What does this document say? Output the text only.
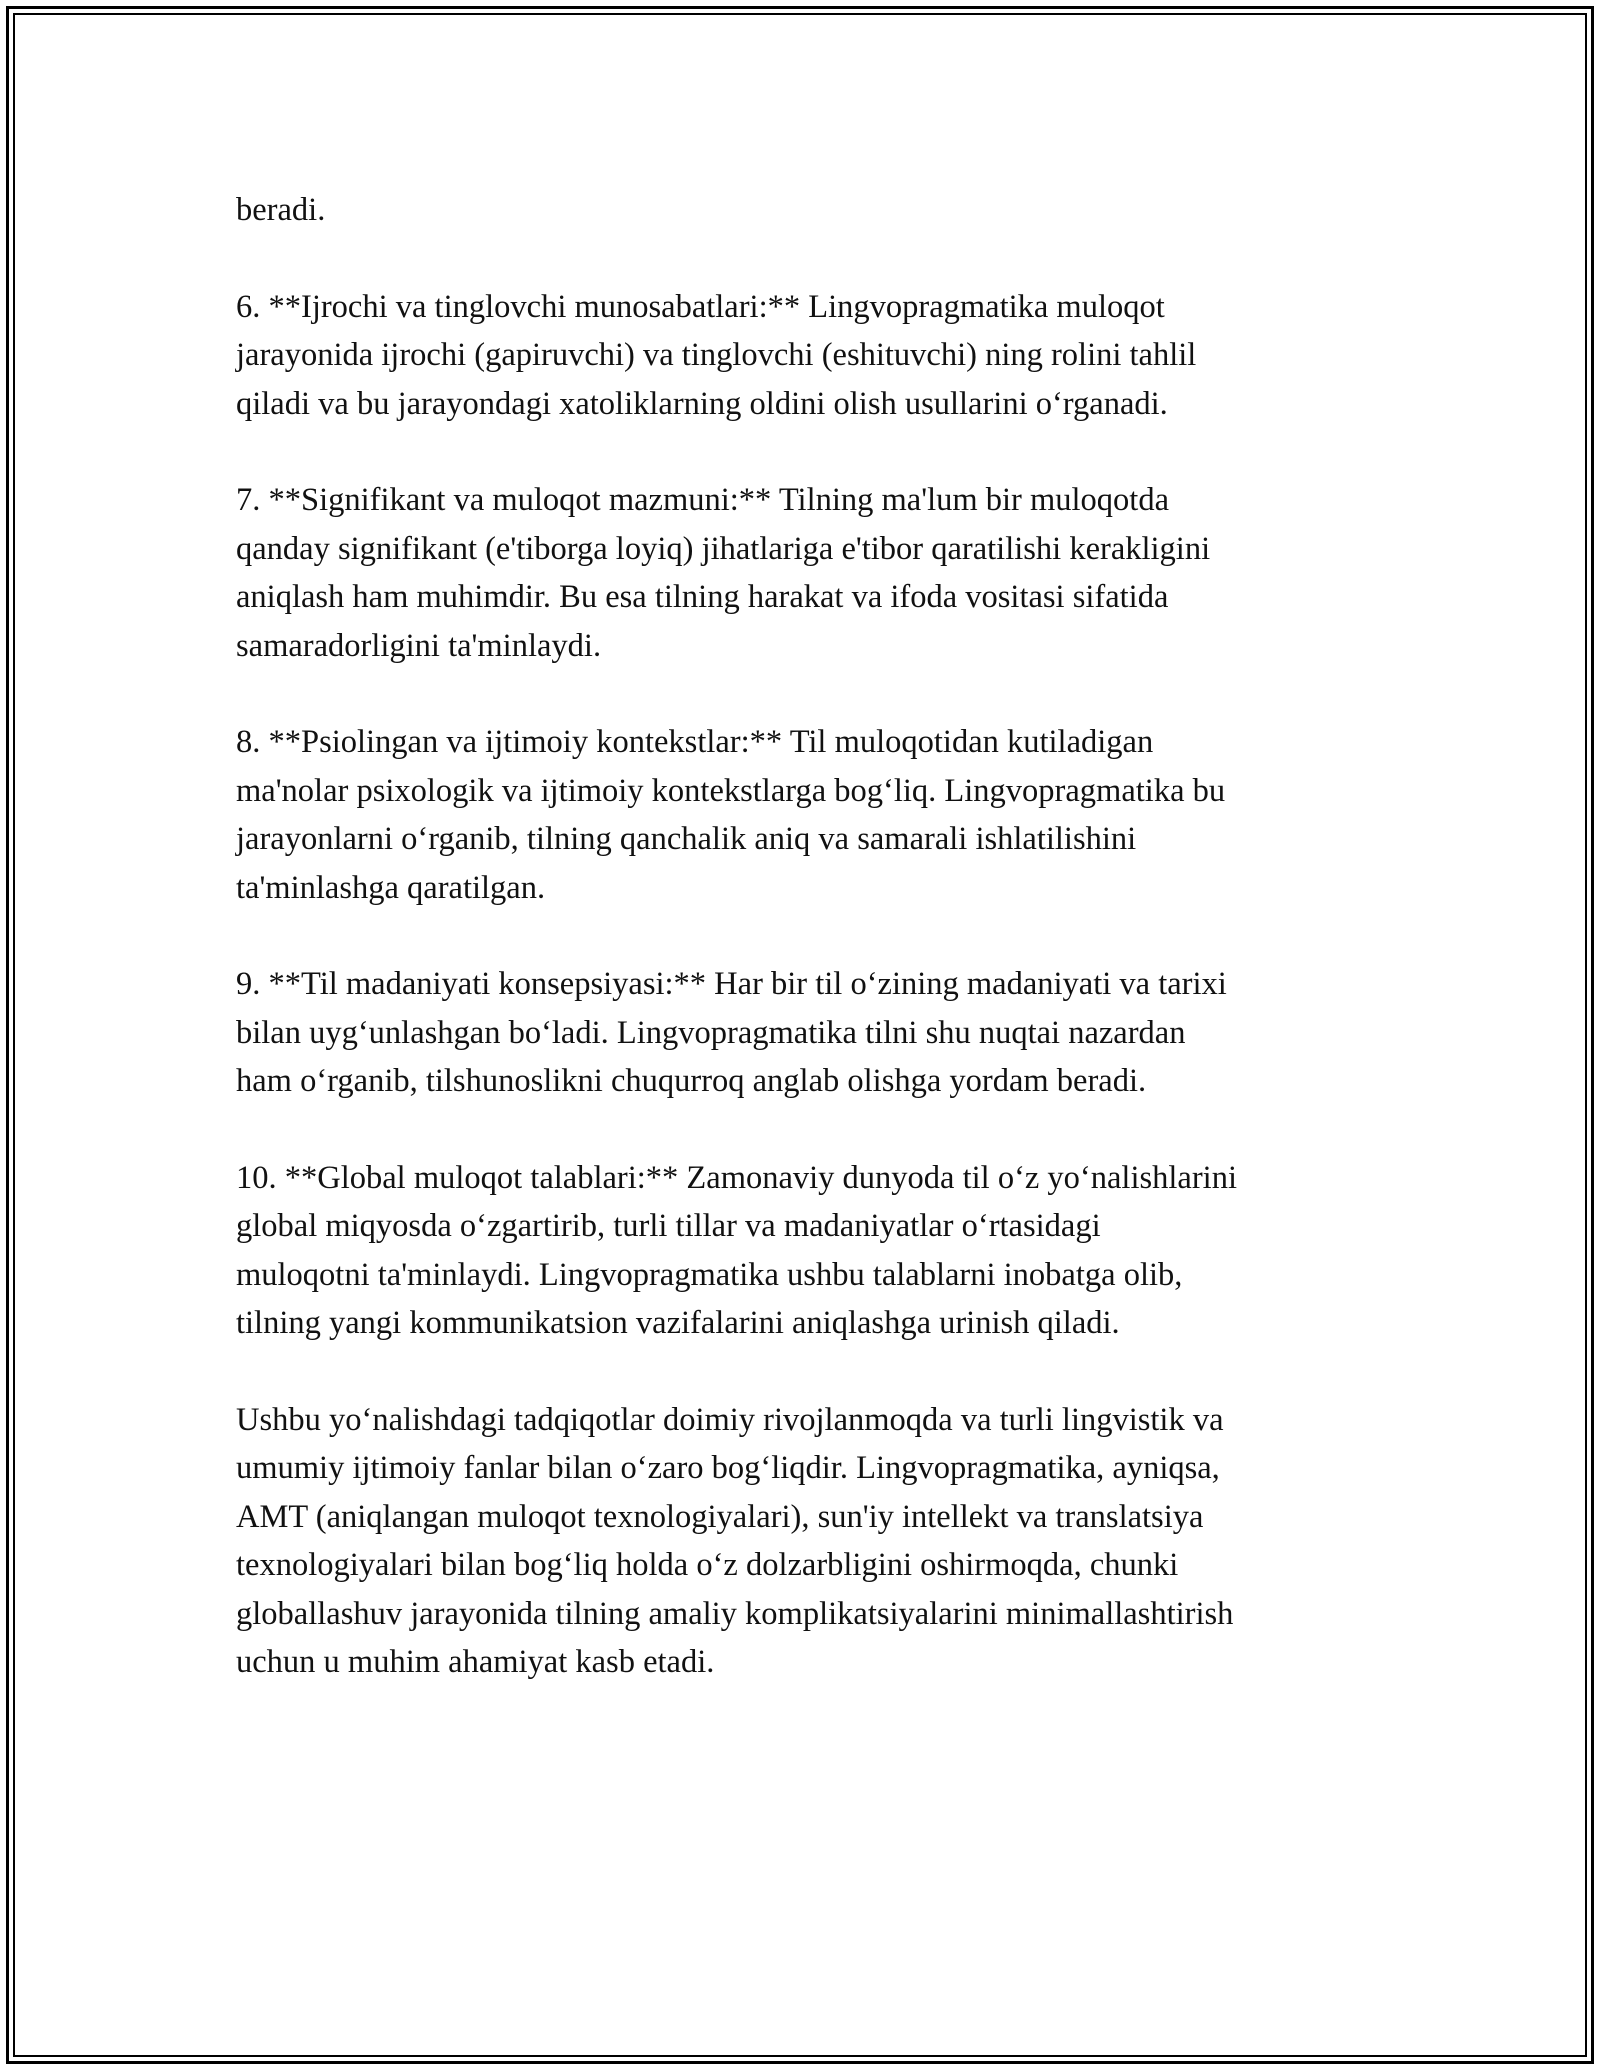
beradi.

6. **Ijrochi va tinglovchi munosabatlari:** Lingvopragmatika muloqot
jarayonida ijrochi (gapiruvchi) va tinglovchi (eshituvchi) ning rolini tahlil
qiladi va bu jarayondagi xatoliklarning oldini olish usullarini o‘rganadi.

7. **Signifikant va muloqot mazmuni:** Tilning ma'lum bir muloqotda
qanday signifikant (e'tiborga loyiq) jihatlariga e'tibor qaratilishi kerakligini
aniqlash ham muhimdir. Bu esa tilning harakat va ifoda vositasi sifatida
samaradorligini ta'minlaydi.

8. **Psiolingan va ijtimoiy kontekstlar:** Til muloqotidan kutiladigan
ma'nolar psixologik va ijtimoiy kontekstlarga bog‘liq. Lingvopragmatika bu
jarayonlarni o‘rganib, tilning qanchalik aniq va samarali ishlatilishini
ta'minlashga qaratilgan.

9. **Til madaniyati konsepsiyasi:** Har bir til o‘zining madaniyati va tarixi
bilan uyg‘unlashgan bo‘ladi. Lingvopragmatika tilni shu nuqtai nazardan
ham o‘rganib, tilshunoslikni chuqurroq anglab olishga yordam beradi.

10. **Global muloqot talablari:** Zamonaviy dunyoda til o‘z yo‘nalishlarini
global miqyosda o‘zgartirib, turli tillar va madaniyatlar o‘rtasidagi
muloqotni ta'minlaydi. Lingvopragmatika ushbu talablarni inobatga olib,
tilning yangi kommunikatsion vazifalarini aniqlashga urinish qiladi.

Ushbu yo‘nalishdagi tadqiqotlar doimiy rivojlanmoqda va turli lingvistik va
umumiy ijtimoiy fanlar bilan o‘zaro bog‘liqdir. Lingvopragmatika, ayniqsa,
AMT (aniqlangan muloqot texnologiyalari), sun'iy intellekt va translatsiya
texnologiyalari bilan bog‘liq holda o‘z dolzarbligini oshirmoqda, chunki
globallashuv jarayonida tilning amaliy komplikatsiyalarini minimallashtirish
uchun u muhim ahamiyat kasb etadi.
